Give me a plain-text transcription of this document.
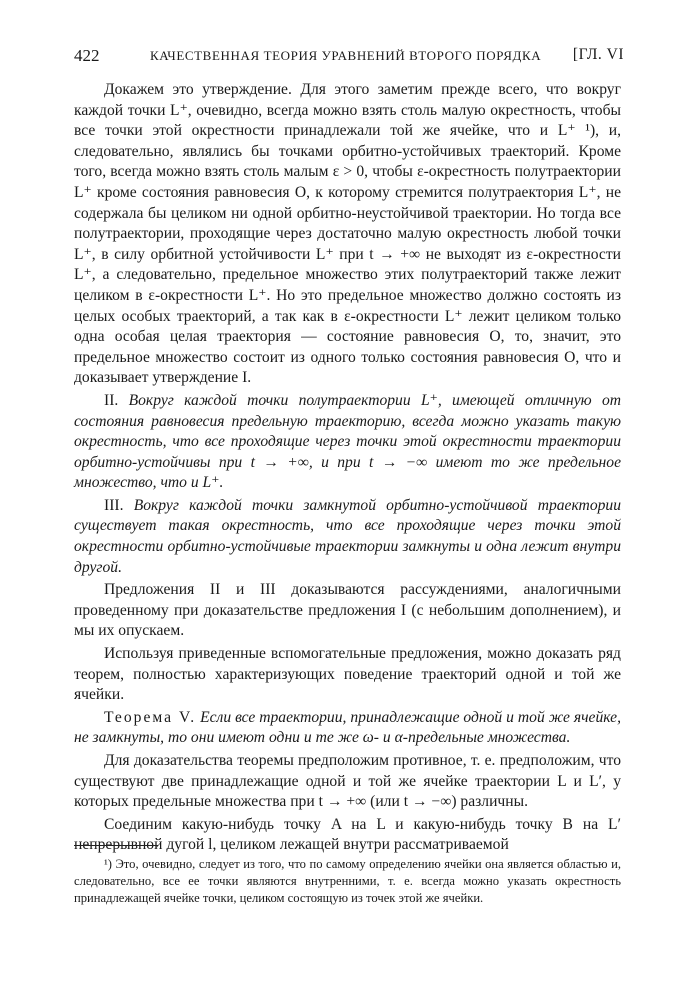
422	КАЧЕСТВЕННАЯ ТЕОРИЯ УРАВНЕНИЙ ВТОРОГО ПОРЯДКА [ГЛ. VI

Докажем это утверждение. Для этого заметим прежде всего, что вокруг каждой точки L⁺, очевидно, всегда можно взять столь малую окрестность, чтобы все точки этой окрестности принадлежали той же ячейке, что и L⁺ ¹), и, следовательно, являлись бы точками орбитно-устойчивых траекторий. Кроме того, всегда можно взять столь малым ε > 0, чтобы ε-окрестность полутраектории L⁺ кроме состояния равновесия O, к которому стремится полутраектория L⁺, не содержала бы целиком ни одной орбитно-неустойчивой траектории. Но тогда все полутраектории, проходящие через достаточно малую окрестность любой точки L⁺, в силу орбитной устойчивости L⁺ при t → +∞ не выходят из ε-окрестности L⁺, а следовательно, предельное множество этих полутраекторий также лежит целиком в ε-окрестности L⁺. Но это предельное множество должно состоять из целых особых траекторий, а так как в ε-окрестности L⁺ лежит целиком только одна особая целая траектория — состояние равновесия O, то, значит, это предельное множество состоит из одного только состояния равновесия O, что и доказывает утверждение I.

II. Вокруг каждой точки полутраектории L⁺, имеющей отличную от состояния равновесия предельную траекторию, всегда можно указать такую окрестность, что все проходящие через точки этой окрестности траектории орбитно-устойчивы при t → +∞, и при t → −∞ имеют то же предельное множество, что и L⁺.

III. Вокруг каждой точки замкнутой орбитно-устойчивой траектории существует такая окрестность, что все проходящие через точки этой окрестности орбитно-устойчивые траектории замкнуты и одна лежит внутри другой.

Предложения II и III доказываются рассуждениями, аналогичными проведенному при доказательстве предложения I (с небольшим дополнением), и мы их опускаем.

Используя приведенные вспомогательные предложения, можно доказать ряд теорем, полностью характеризующих поведение траекторий одной и той же ячейки.

Теорема V. Если все траектории, принадлежащие одной и той же ячейке, не замкнуты, то они имеют одни и те же ω- и α-предельные множества.

Для доказательства теоремы предположим противное, т. е. предположим, что существуют две принадлежащие одной и той же ячейке траектории L и L′, у которых предельные множества при t → +∞ (или t → −∞) различны.

Соединим какую-нибудь точку A на L и какую-нибудь точку B на L′ непрерывной дугой l, целиком лежащей внутри рассматриваемой

¹) Это, очевидно, следует из того, что по самому определению ячейки она является областью и, следовательно, все ее точки являются внутренними, т. е. всегда можно указать окрестность принадлежащей ячейке точки, целиком состоящую из точек этой же ячейки.
